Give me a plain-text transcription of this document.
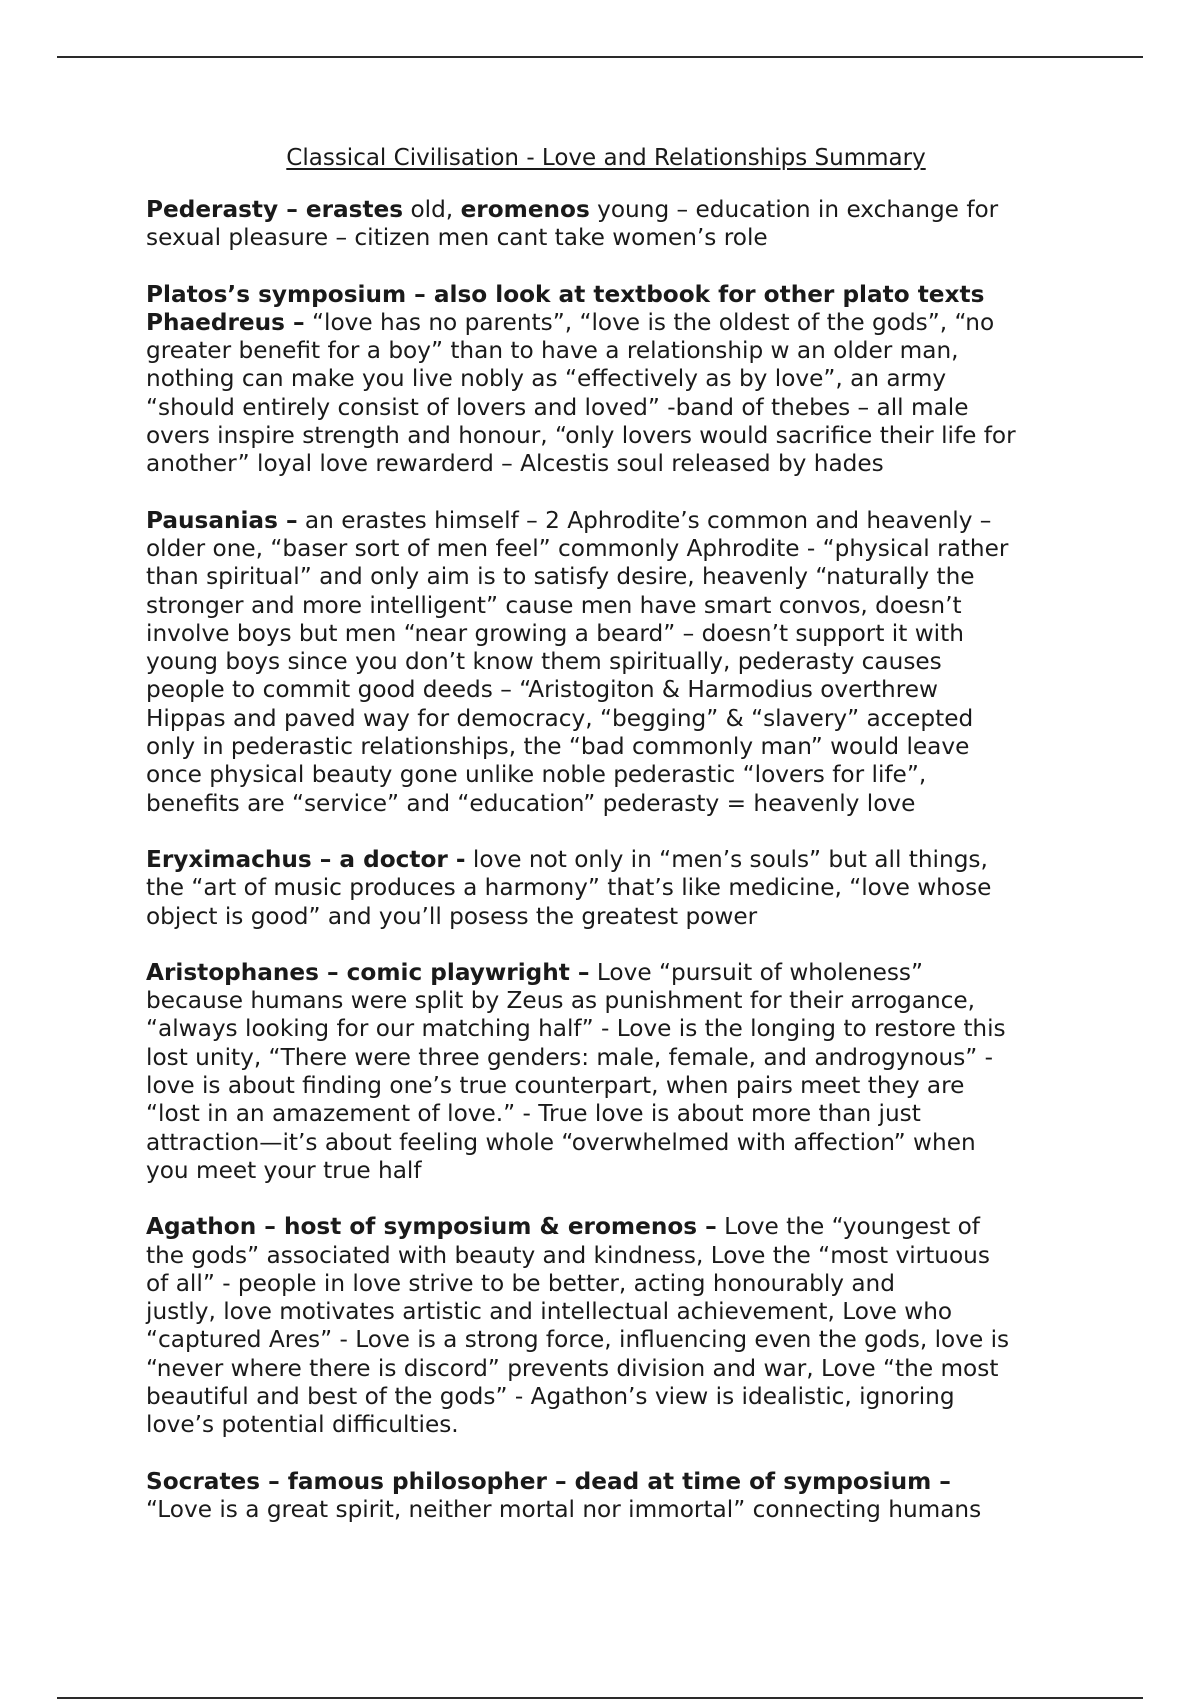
Classical Civilisation - Love and Relationships Summary
Pederasty – erastes old, eromenos young – education in exchange for
sexual pleasure – citizen men cant take women’s role
Platos’s symposium – also look at textbook for other plato texts
Phaedreus – “love has no parents”, “love is the oldest of the gods”, “no
greater benefit for a boy” than to have a relationship w an older man,
nothing can make you live nobly as “effectively as by love”, an army
“should entirely consist of lovers and loved” -band of thebes – all male
overs inspire strength and honour, “only lovers would sacrifice their life for
another” loyal love rewarderd – Alcestis soul released by hades
Pausanias – an erastes himself – 2 Aphrodite’s common and heavenly –
older one, “baser sort of men feel” commonly Aphrodite - “physical rather
than spiritual” and only aim is to satisfy desire, heavenly “naturally the
stronger and more intelligent” cause men have smart convos, doesn’t
involve boys but men “near growing a beard” – doesn’t support it with
young boys since you don’t know them spiritually, pederasty causes
people to commit good deeds – “Aristogiton & Harmodius overthrew
Hippas and paved way for democracy, “begging” & “slavery” accepted
only in pederastic relationships, the “bad commonly man” would leave
once physical beauty gone unlike noble pederastic “lovers for life”,
benefits are “service” and “education” pederasty = heavenly love
Eryximachus – a doctor - love not only in “men’s souls” but all things,
the “art of music produces a harmony” that’s like medicine, “love whose
object is good” and you’ll posess the greatest power
Aristophanes – comic playwright – Love “pursuit of wholeness”
because humans were split by Zeus as punishment for their arrogance,
“always looking for our matching half” - Love is the longing to restore this
lost unity, “There were three genders: male, female, and androgynous” -
love is about finding one’s true counterpart, when pairs meet they are
“lost in an amazement of love.” - True love is about more than just
attraction—it’s about feeling whole “overwhelmed with affection” when
you meet your true half
Agathon – host of symposium & eromenos – Love the “youngest of
the gods” associated with beauty and kindness, Love the “most virtuous
of all” - people in love strive to be better, acting honourably and
justly, love motivates artistic and intellectual achievement, Love who
“captured Ares” - Love is a strong force, influencing even the gods, love is
“never where there is discord” prevents division and war, Love “the most
beautiful and best of the gods” - Agathon’s view is idealistic, ignoring
love’s potential difficulties.
Socrates – famous philosopher – dead at time of symposium –
“Love is a great spirit, neither mortal nor immortal” connecting humans
